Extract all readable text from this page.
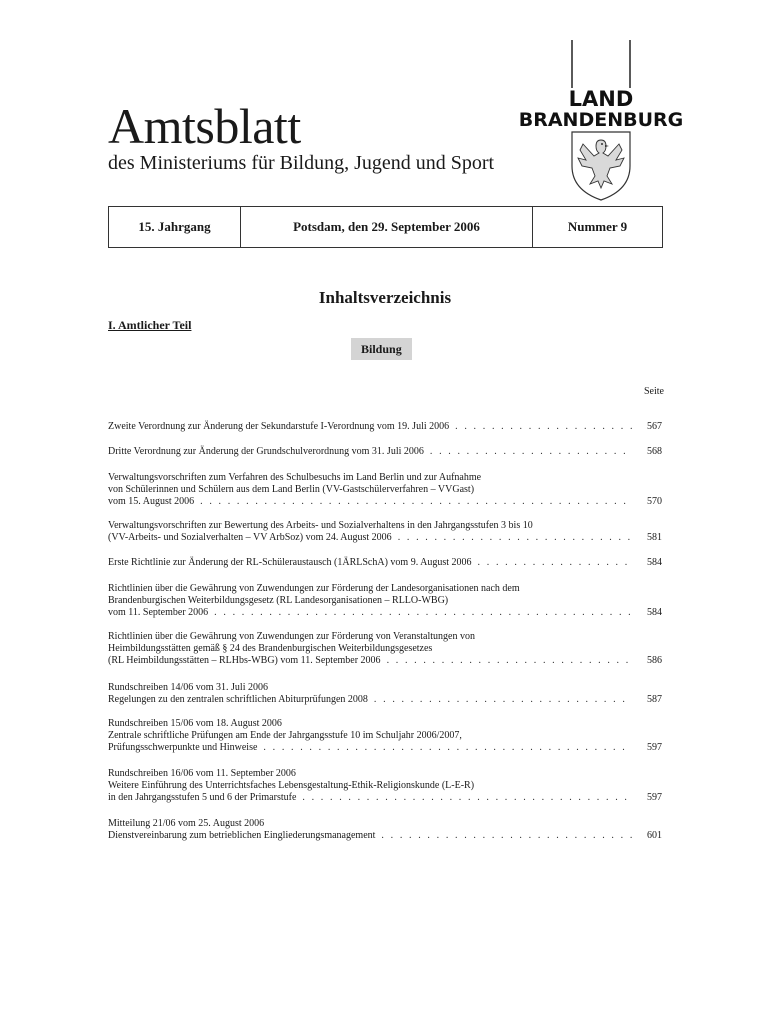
LAND
BRANDENBURG
Amtsblatt

des Ministeriums für Bildung, Jugend und Sport

15. Jahrgang	Potsdam, den 29. September 2006	Nummer 9
Inhaltsverzeichnis

I. Amtlicher Teil

Bildung
Seite
Zweite Verordnung zur Änderung der Sekundarstufe I-Verordnung vom 19. Juli 2006 . . .	567
Dritte Verordnung zur Änderung der Grundschulverordnung vom 31. Juli 2006 . . .	568
Verwaltungsvorschriften zum Verfahren des Schulbesuchs im Land Berlin und zur Aufnahme
von Schülerinnen und Schülern aus dem Land Berlin (VV-Gastschülerverfahren – VVGast)
vom 15. August 2006 . . .	570
Verwaltungsvorschriften zur Bewertung des Arbeits- und Sozialverhaltens in den Jahrgangsstufen 3 bis 10
(VV-Arbeits- und Sozialverhalten – VV ArbSoz) vom 24. August 2006 . . .	581
Erste Richtlinie zur Änderung der RL-Schüleraustausch (1ÄRLSchA) vom 9. August 2006 . . .	584
Richtlinien über die Gewährung von Zuwendungen zur Förderung der Landesorganisationen nach dem
Brandenburgischen Weiterbildungsgesetz (RL Landesorganisationen – RLLO-WBG)
vom 11. September 2006 . . .	584
Richtlinien über die Gewährung von Zuwendungen zur Förderung von Veranstaltungen von
Heimbildungsstätten gemäß § 24 des Brandenburgischen Weiterbildungsgesetzes
(RL Heimbildungsstätten – RLHbs-WBG) vom 11. September 2006 . . .	586
Rundschreiben 14/06 vom 31. Juli 2006
Regelungen zu den zentralen schriftlichen Abiturprüfungen 2008 . . .	587
Rundschreiben 15/06 vom 18. August 2006
Zentrale schriftliche Prüfungen am Ende der Jahrgangsstufe 10 im Schuljahr 2006/2007,
Prüfungsschwerpunkte und Hinweise . . .	597
Rundschreiben 16/06 vom 11. September 2006
Weitere Einführung des Unterrichtsfaches Lebensgestaltung-Ethik-Religionskunde (L-E-R)
in den Jahrgangsstufen 5 und 6 der Primarstufe . . .	597
Mitteilung 21/06 vom 25. August 2006
Dienstvereinbarung zum betrieblichen Eingliederungsmanagement . . .	601
